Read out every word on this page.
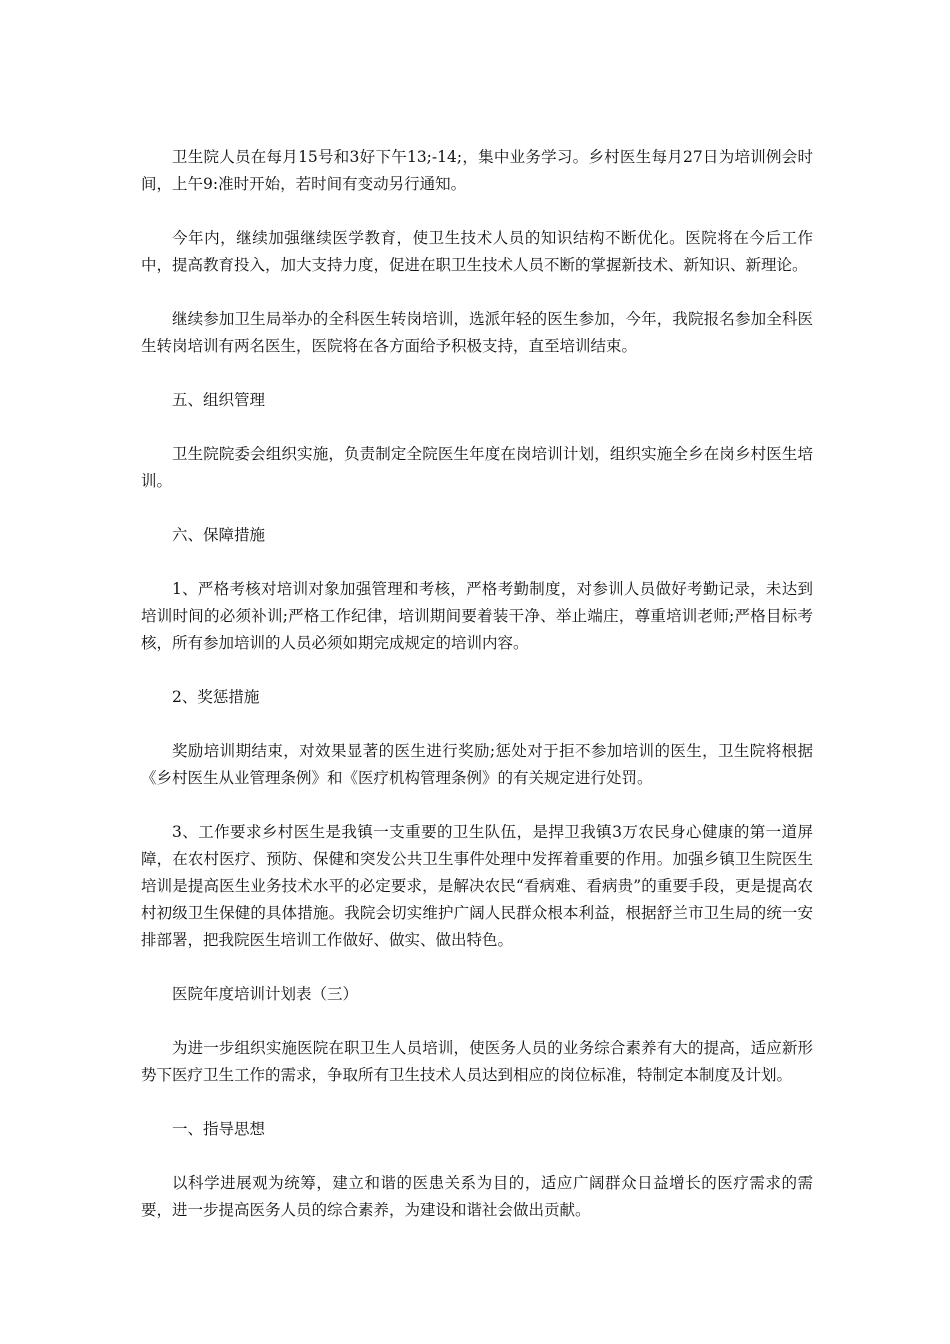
卫生院人员在每月15号和3好下午13;-14;，集中业务学习。乡村医生每月27日为培训例会时间，上午9:准时开始，若时间有变动另行通知。

今年内，继续加强继续医学教育，使卫生技术人员的知识结构不断优化。医院将在今后工作中，提高教育投入，加大支持力度，促进在职卫生技术人员不断的掌握新技术、新知识、新理论。

继续参加卫生局举办的全科医生转岗培训，选派年轻的医生参加，今年，我院报名参加全科医生转岗培训有两名医生，医院将在各方面给予积极支持，直至培训结束。

五、组织管理

卫生院院委会组织实施，负责制定全院医生年度在岗培训计划，组织实施全乡在岗乡村医生培训。

六、保障措施

1、严格考核对培训对象加强管理和考核，严格考勤制度，对参训人员做好考勤记录，未达到培训时间的必须补训;严格工作纪律，培训期间要着装干净、举止端庄，尊重培训老师;严格目标考核，所有参加培训的人员必须如期完成规定的培训内容。

2、奖惩措施

奖励培训期结束，对效果显著的医生进行奖励;惩处对于拒不参加培训的医生，卫生院将根据《乡村医生从业管理条例》和《医疗机构管理条例》的有关规定进行处罚。

3、工作要求乡村医生是我镇一支重要的卫生队伍，是捍卫我镇3万农民身心健康的第一道屏障，在农村医疗、预防、保健和突发公共卫生事件处理中发挥着重要的作用。加强乡镇卫生院医生培训是提高医生业务技术水平的必定要求，是解决农民“看病难、看病贵”的重要手段，更是提高农村初级卫生保健的具体措施。我院会切实维护广阔人民群众根本利益，根据舒兰市卫生局的统一安排部署，把我院医生培训工作做好、做实、做出特色。

医院年度培训计划表（三）

为进一步组织实施医院在职卫生人员培训，使医务人员的业务综合素养有大的提高，适应新形势下医疗卫生工作的需求，争取所有卫生技术人员达到相应的岗位标准，特制定本制度及计划。

一、指导思想

以科学进展观为统筹，建立和谐的医患关系为目的，适应广阔群众日益增长的医疗需求的需要，进一步提高医务人员的综合素养，为建设和谐社会做出贡献。
